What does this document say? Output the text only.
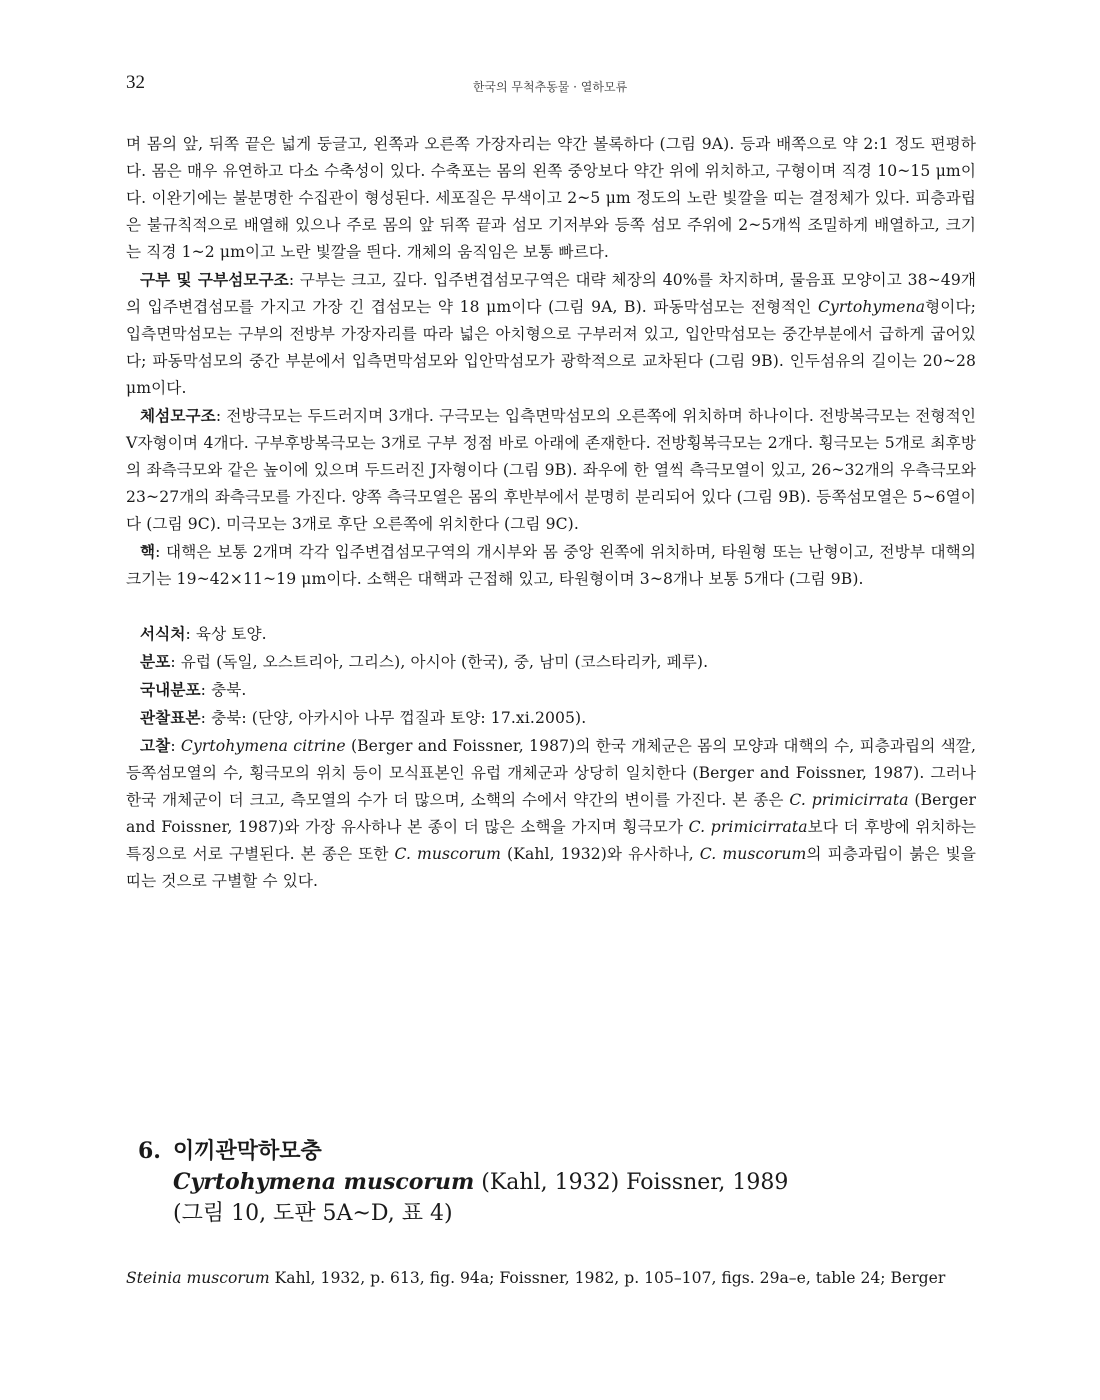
32	한국의 무척추동물 · 열하모류

며 몸의 앞, 뒤쪽 끝은 넓게 둥글고, 왼쪽과 오른쪽 가장자리는 약간 볼록하다 (그림 9A). 등과 배쪽으로 약 2:1 정도 편평하다. 몸은 매우 유연하고 다소 수축성이 있다. 수축포는 몸의 왼쪽 중앙보다 약간 위에 위치하고, 구형이며 직경 10~15 μm이다. 이완기에는 불분명한 수집관이 형성된다. 세포질은 무색이고 2~5 μm 정도의 노란 빛깔을 띠는 결정체가 있다. 피층과립은 불규칙적으로 배열해 있으나 주로 몸의 앞 뒤쪽 끝과 섬모 기저부와 등쪽 섬모 주위에 2~5개씩 조밀하게 배열하고, 크기는 직경 1~2 μm이고 노란 빛깔을 띈다. 개체의 움직임은 보통 빠르다.

구부 및 구부섬모구조: 구부는 크고, 깊다. 입주변겹섬모구역은 대략 체장의 40%를 차지하며, 물음표 모양이고 38~49개의 입주변겹섬모를 가지고 가장 긴 겹섬모는 약 18 μm이다 (그림 9A, B). 파동막섬모는 전형적인 Cyrtohymena형이다; 입측면막섬모는 구부의 전방부 가장자리를 따라 넓은 아치형으로 구부러져 있고, 입안막섬모는 중간부분에서 급하게 굽어있다; 파동막섬모의 중간 부분에서 입측면막섬모와 입안막섬모가 광학적으로 교차된다 (그림 9B). 인두섬유의 길이는 20~28 μm이다.

체섬모구조: 전방극모는 두드러지며 3개다. 구극모는 입측면막섬모의 오른쪽에 위치하며 하나이다. 전방복극모는 전형적인 V자형이며 4개다. 구부후방복극모는 3개로 구부 정점 바로 아래에 존재한다. 전방횡복극모는 2개다. 횡극모는 5개로 최후방의 좌측극모와 같은 높이에 있으며 두드러진 J자형이다 (그림 9B). 좌우에 한 열씩 측극모열이 있고, 26~32개의 우측극모와 23~27개의 좌측극모를 가진다. 양쪽 측극모열은 몸의 후반부에서 분명히 분리되어 있다 (그림 9B). 등쪽섬모열은 5~6열이다 (그림 9C). 미극모는 3개로 후단 오른쪽에 위치한다 (그림 9C).

핵: 대핵은 보통 2개며 각각 입주변겹섬모구역의 개시부와 몸 중앙 왼쪽에 위치하며, 타원형 또는 난형이고, 전방부 대핵의 크기는 19~42×11~19 μm이다. 소핵은 대핵과 근접해 있고, 타원형이며 3~8개나 보통 5개다 (그림 9B).

서식처: 육상 토양.

분포: 유럽 (독일, 오스트리아, 그리스), 아시아 (한국), 중, 남미 (코스타리카, 페루).

국내분포: 충북.

관찰표본: 충북: (단양, 아카시아 나무 껍질과 토양: 17.xi.2005).

고찰: Cyrtohymena citrine (Berger and Foissner, 1987)의 한국 개체군은 몸의 모양과 대핵의 수, 피층과립의 색깔, 등쪽섬모열의 수, 횡극모의 위치 등이 모식표본인 유럽 개체군과 상당히 일치한다 (Berger and Foissner, 1987). 그러나 한국 개체군이 더 크고, 측모열의 수가 더 많으며, 소핵의 수에서 약간의 변이를 가진다. 본 종은 C. primicirrata (Berger and Foissner, 1987)와 가장 유사하나 본 종이 더 많은 소핵을 가지며 횡극모가 C. primicirrata보다 더 후방에 위치하는 특징으로 서로 구별된다. 본 종은 또한 C. muscorum (Kahl, 1932)와 유사하나, C. muscorum의 피층과립이 붉은 빛을 띠는 것으로 구별할 수 있다.

6. 이끼관막하모충
Cyrtohymena muscorum (Kahl, 1932) Foissner, 1989
(그림 10, 도판 5A~D, 표 4)
Steinia muscorum Kahl, 1932, p. 613, fig. 94a; Foissner, 1982, p. 105–107, figs. 29a–e, table 24; Berger
